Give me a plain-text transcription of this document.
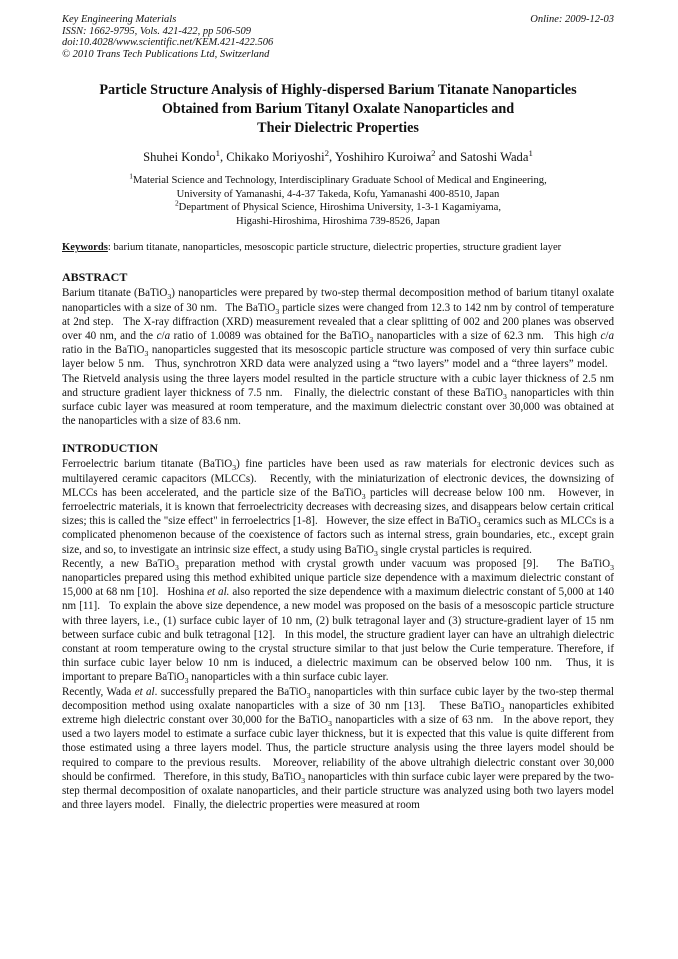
Key Engineering Materials
ISSN: 1662-9795, Vols. 421-422, pp 506-509
doi:10.4028/www.scientific.net/KEM.421-422.506
© 2010 Trans Tech Publications Ltd, Switzerland
Online: 2009-12-03
Particle Structure Analysis of Highly-dispersed Barium Titanate Nanoparticles
Obtained from Barium Titanyl Oxalate Nanoparticles and
Their Dielectric Properties
Shuhei Kondo$^1$, Chikako Moriyoshi$^2$, Yoshihiro Kuroiwa$^2$ and Satoshi Wada$^1$
$^1$Material Science and Technology, Interdisciplinary Graduate School of Medical and Engineering,
University of Yamanashi, 4-4-37 Takeda, Kofu, Yamanashi 400-8510, Japan
$^2$Department of Physical Science, Hiroshima University, 1-3-1 Kagamiyama,
Higashi-Hiroshima, Hiroshima 739-8526, Japan
Keywords: barium titanate, nanoparticles, mesoscopic particle structure, dielectric properties, structure gradient layer
ABSTRACT

Barium titanate (BaTiO$_3$) nanoparticles were prepared by two-step thermal decomposition method of barium titanyl oxalate nanoparticles with a size of 30 nm.   The BaTiO$_3$ particle sizes were changed from 12.3 to 142 nm by control of temperature at 2nd step.   The X-ray diffraction (XRD) measurement revealed that a clear splitting of 002 and 200 planes was observed over 40 nm, and the c/a ratio of 1.0089 was obtained for the BaTiO$_3$ nanoparticles with a size of 62.3 nm.   This high c/a ratio in the BaTiO$_3$ nanoparticles suggested that its mesoscopic particle structure was composed of very thin surface cubic layer below 5 nm.   Thus, synchrotron XRD data were analyzed using a “two layers” model and a “three layers” model.   The Rietveld analysis using the three layers model resulted in the particle structure with a cubic layer thickness of 2.5 nm and structure gradient layer thickness of 7.5 nm.   Finally, the dielectric constant of these BaTiO$_3$ nanoparticles with thin surface cubic layer was measured at room temperature, and the maximum dielectric constant over 30,000 was obtained at the nanoparticles with a size of 83.6 nm.

INTRODUCTION

Ferroelectric barium titanate (BaTiO$_3$) fine particles have been used as raw materials for electronic devices such as multilayered ceramic capacitors (MLCCs).   Recently, with the miniaturization of electronic devices, the downsizing of MLCCs has been accelerated, and the particle size of the BaTiO$_3$ particles will decrease below 100 nm.   However, in ferroelectric materials, it is known that ferroelectricity decreases with decreasing sizes, and disappears below certain critical sizes; this is called the "size effect" in ferroelectrics [1-8].   However, the size effect in BaTiO$_3$ ceramics such as MLCCs is a complicated phenomenon because of the coexistence of factors such as internal stress, grain boundaries, etc., except grain size, and so, to investigate an intrinsic size effect, a study using BaTiO$_3$ single crystal particles is required.

Recently, a new BaTiO$_3$ preparation method with crystal growth under vacuum was proposed [9].   The BaTiO$_3$ nanoparticles prepared using this method exhibited unique particle size dependence with a maximum dielectric constant of 15,000 at 68 nm [10].   Hoshina et al. also reported the size dependence with a maximum dielectric constant of 5,000 at 140 nm [11].   To explain the above size dependence, a new model was proposed on the basis of a mesoscopic particle structure with three layers, i.e., (1) surface cubic layer of 10 nm, (2) bulk tetragonal layer and (3) structure-gradient layer of 15 nm between surface cubic and bulk tetragonal [12].   In this model, the structure gradient layer can have an ultrahigh dielectric constant at room temperature owing to the crystal structure similar to that just below the Curie temperature. Therefore, if thin surface cubic layer below 10 nm is induced, a dielectric maximum can be observed below 100 nm.   Thus, it is important to prepare BaTiO$_3$ nanoparticles with a thin surface cubic layer.

Recently, Wada et al. successfully prepared the BaTiO$_3$ nanoparticles with thin surface cubic layer by the two-step thermal decomposition method using oxalate nanoparticles with a size of 30 nm [13].   These BaTiO$_3$ nanoparticles exhibited extreme high dielectric constant over 30,000 for the BaTiO$_3$ nanoparticles with a size of 63 nm.   In the above report, they used a two layers model to estimate a surface cubic layer thickness, but it is expected that this value is quite different from those estimated using a three layers model. Thus, the particle structure analysis using the three layers model should be required to compare to the previous results.   Moreover, reliability of the above ultrahigh dielectric constant over 30,000 should be confirmed.   Therefore, in this study, BaTiO$_3$ nanoparticles with thin surface cubic layer were prepared by the two-step thermal decomposition of oxalate nanoparticles, and their particle structure was analyzed using both two layers model and three layers model.   Finally, the dielectric properties were measured at room
